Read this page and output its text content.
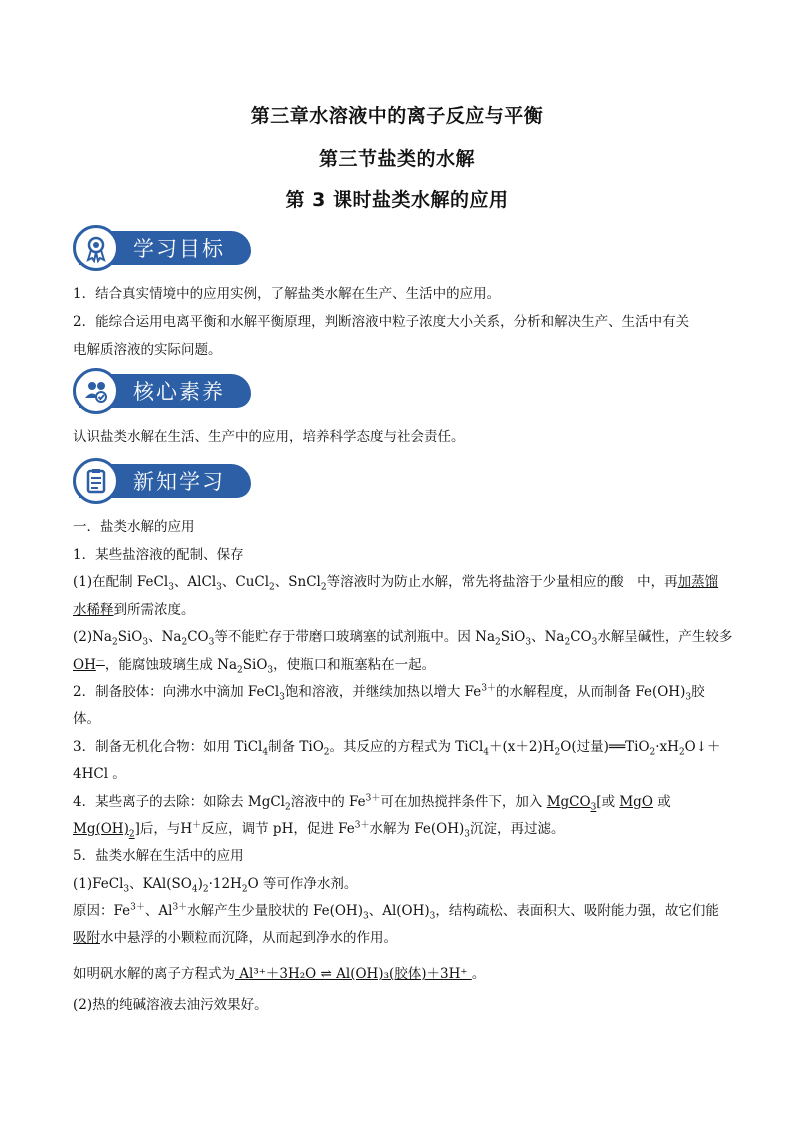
第三章水溶液中的离子反应与平衡
第三节盐类的水解
第 3 课时盐类水解的应用
学习目标
1．结合真实情境中的应用实例，了解盐类水解在生产、生活中的应用。
2．能综合运用电离平衡和水解平衡原理，判断溶液中粒子浓度大小关系，分析和解决生产、生活中有关
电解质溶液的实际问题。
核心素养
认识盐类水解在生活、生产中的应用，培养科学态度与社会责任。
新知学习
一．盐类水解的应用
1．某些盐溶液的配制、保存
(1)在配制 FeCl$_3$、AlCl$_3$、CuCl$_2$、SnCl$_2$等溶液时为防止水解，常先将盐溶于少量相应的酸　中，再加蒸馏
水稀释到所需浓度。
$(2)Na_2SiO_3$、$Na_2CO_3$等不能贮存于带磨口玻璃塞的试剂瓶中。因 $Na_2SiO_3$、$Na_2CO_3$水解呈碱性，产生较多
OH－，能腐蚀玻璃生成 $Na_2SiO_3$，使瓶口和瓶塞粘在一起。
2．制备胶体：向沸水中滴加 FeCl$_3$饱和溶液，并继续加热以增大 $Fe^{3+}$的水解程度，从而制备 $Fe(OH)_3$胶
体。
3．制备无机化合物：如用 TiCl$_4$制备 TiO$_2$。其反应的方程式为 $TiCl_4+(x+2)H_2O$(过量)$══TiO_2\cdot xH_2O↓+$
4HCl 。
4．某些离子的去除：如除去 MgCl$_2$溶液中的 $Fe^{3+}$可在加热搅拌条件下，加入 MgCO$_3$[或 MgO 或
$Mg(OH)_2$]后，与H＋反应，调节 pH，促进 $Fe^{3+}$水解为 $Fe(OH)_3$沉淀，再过滤。
5．盐类水解在生活中的应用
(1)FeCl$_3$、$KAl(SO_4)_2\cdot 12H_2O$ 等可作净水剂。
原因：$Fe^{3+}$、$Al^{3+}$水解产生少量胶状的 $Fe(OH)_3$、$Al(OH)_3$，结构疏松、表面积大、吸附能力强，故它们能
吸附水中悬浮的小颗粒而沉降，从而起到净水的作用。
如明矾水解的离子方程式为 Al³⁺＋3H₂O ⇌ Al(OH)₃(胶体)＋3H⁺ 。
(2)热的纯碱溶液去油污效果好。
